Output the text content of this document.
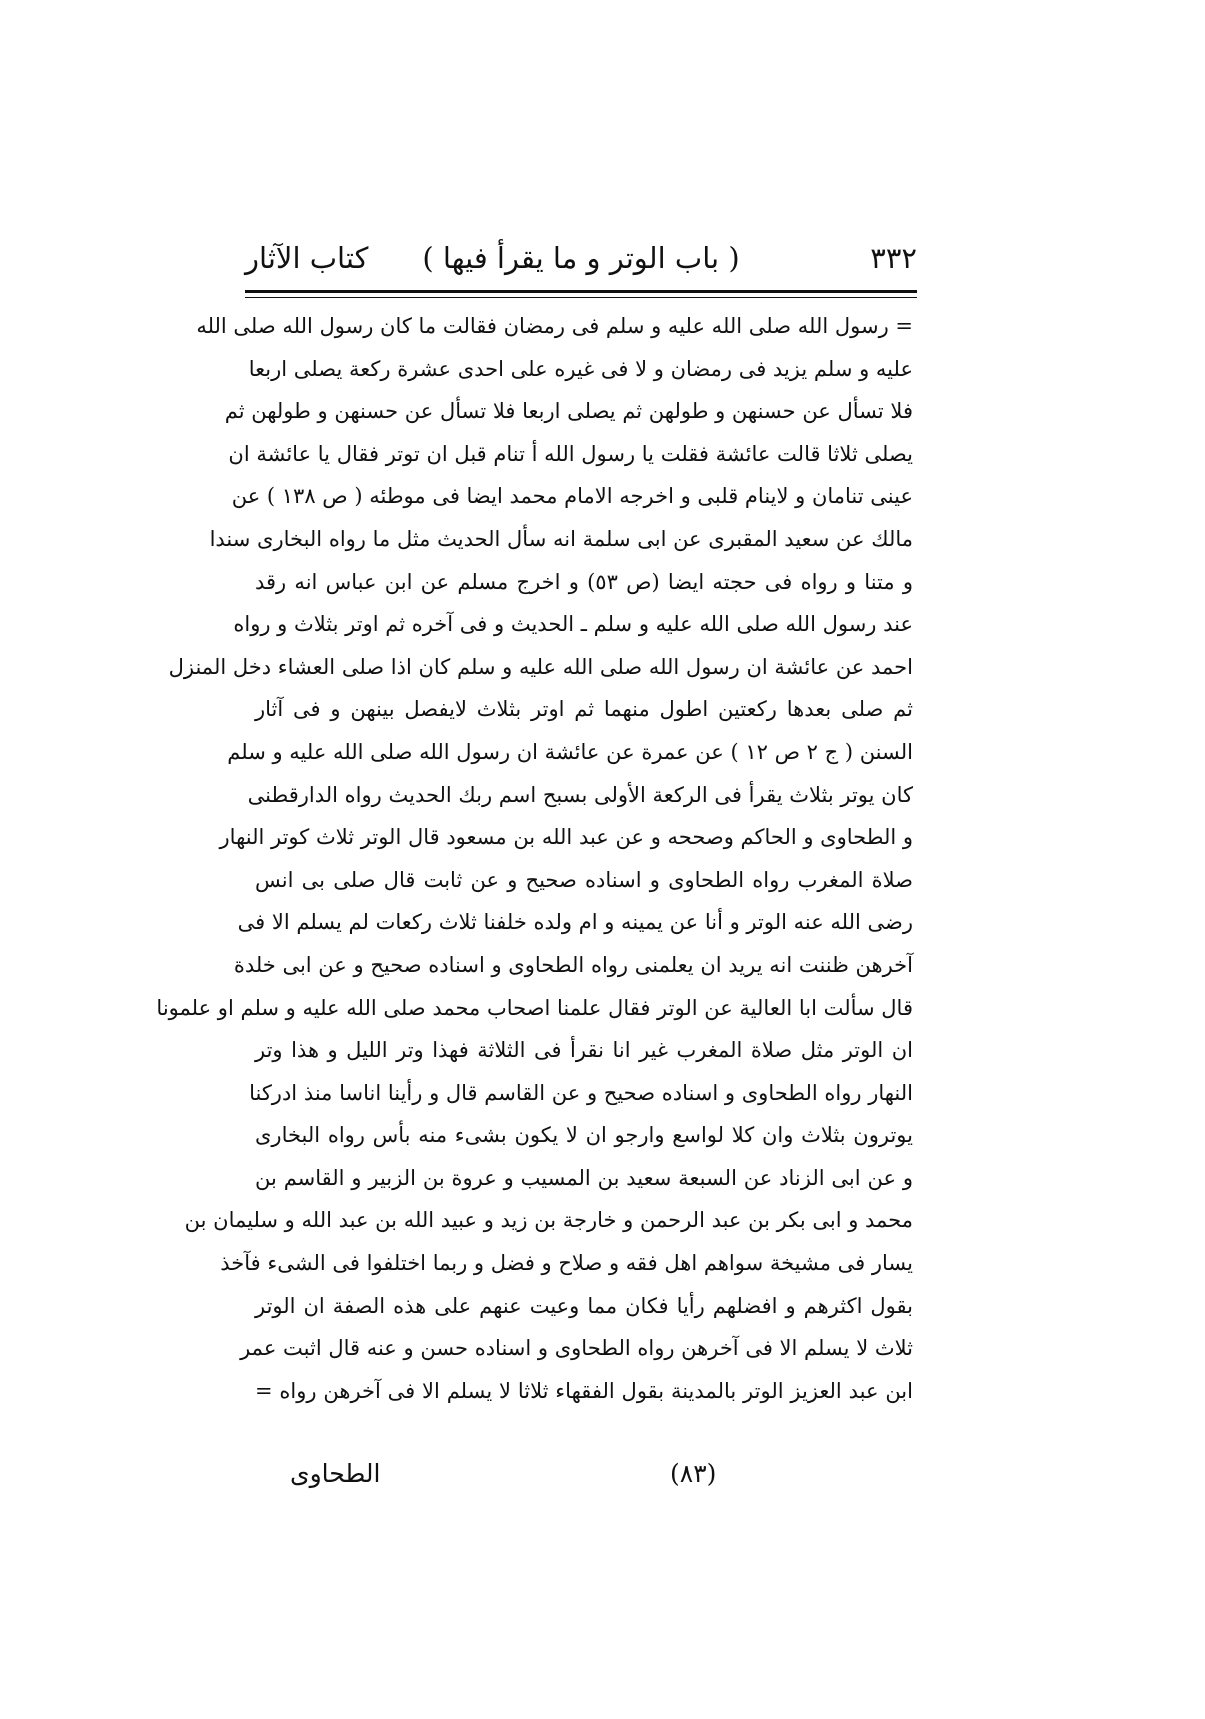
٣٣٢
( باب الوتر و ما يقرأ فيها )
كتاب الآثار
= رسول الله صلى الله عليه و سلم فى رمضان فقالت ما كان رسول الله صلى الله
عليه و سلم يزيد فى رمضان و لا فى غيره على احدى عشرة ركعة يصلى اربعا
فلا تسأل عن حسنهن و طولهن ثم يصلى اربعا فلا تسأل عن حسنهن و طولهن ثم
يصلى ثلاثا قالت عائشة فقلت يا رسول الله أ تنام قبل ان توتر فقال يا عائشة ان
عينى تنامان و لاينام قلبى و اخرجه الامام محمد ايضا فى موطئه ( ص ١٣٨ ) عن
مالك عن سعيد المقبرى عن ابى سلمة انه سأل الحديث مثل ما رواه البخارى سندا
و متنا و رواه فى حجته ايضا (ص ٥٣) و اخرج مسلم عن ابن عباس انه رقد
عند رسول الله صلى الله عليه و سلم ـ الحديث و فى آخره ثم اوتر بثلاث و رواه
احمد عن عائشة ان رسول الله صلى الله عليه و سلم كان اذا صلى العشاء دخل المنزل
ثم صلى بعدها ركعتين اطول منهما ثم اوتر بثلاث لايفصل بينهن و فى آثار
السنن ( ج ٢ ص ١٢ ) عن عمرة عن عائشة ان رسول الله صلى الله عليه و سلم
كان يوتر بثلاث يقرأ فى الركعة الأولى بسبح اسم ربك الحديث رواه الدارقطنى
و الطحاوى و الحاكم وصححه و عن عبد الله بن مسعود قال الوتر ثلاث كوتر النهار
صلاة المغرب رواه الطحاوى و اسناده صحيح و عن ثابت قال صلى بى انس
رضى الله عنه الوتر و أنا عن يمينه و ام ولده خلفنا ثلاث ركعات لم يسلم الا فى
آخرهن ظننت انه يريد ان يعلمنى رواه الطحاوى و اسناده صحيح و عن ابى خلدة
قال سألت ابا العالية عن الوتر فقال علمنا اصحاب محمد صلى الله عليه و سلم او علمونا
ان الوتر مثل صلاة المغرب غير انا نقرأ فى الثلاثة فهذا وتر الليل و هذا وتر
النهار رواه الطحاوى و اسناده صحيح و عن القاسم قال و رأينا اناسا منذ ادركنا
يوترون بثلاث وان كلا لواسع وارجو ان لا يكون بشىء منه بأس رواه البخارى
و عن ابى الزناد عن السبعة سعيد بن المسيب و عروة بن الزبير و القاسم بن
محمد و ابى بكر بن عبد الرحمن و خارجة بن زيد و عبيد الله بن عبد الله و سليمان بن
يسار فى مشيخة سواهم اهل فقه و صلاح و فضل و ربما اختلفوا فى الشىء فآخذ
بقول اكثرهم و افضلهم رأيا فكان مما وعيت عنهم على هذه الصفة ان الوتر
ثلاث لا يسلم الا فى آخرهن رواه الطحاوى و اسناده حسن و عنه قال اثبت عمر
ابن عبد العزيز الوتر بالمدينة بقول الفقهاء ثلاثا لا يسلم الا فى آخرهن رواه =
(٨٣)
الطحاوى
